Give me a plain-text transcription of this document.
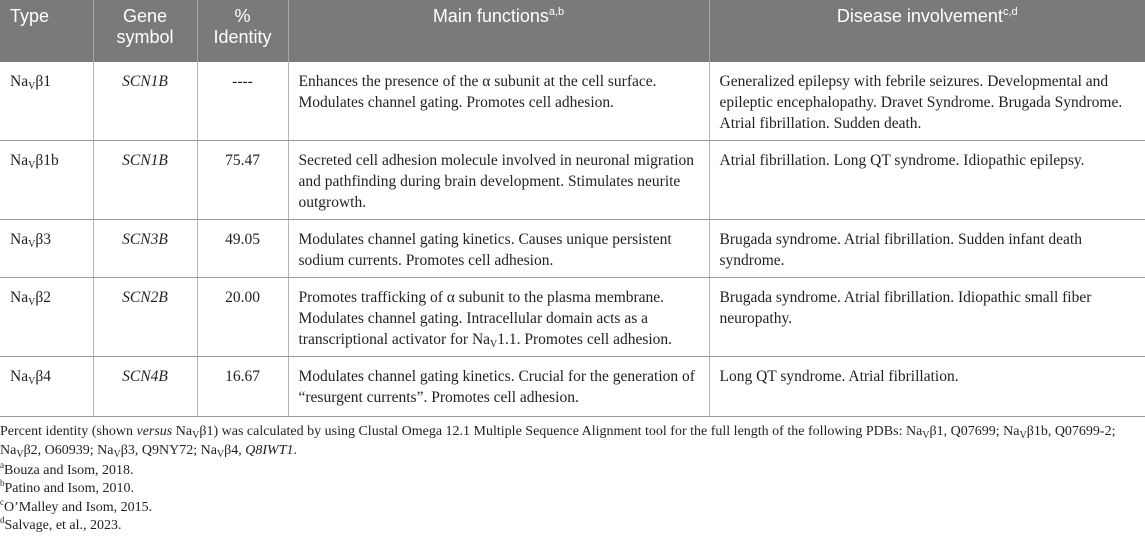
Type	Gene symbol	% Identity	Main functions$^{a,b}$	Disease involvement$^{c,d}$
$Na_V\beta 1$	SCN1B	----	Enhances the presence of the α subunit at the cell surface. Modulates channel gating. Promotes cell adhesion.	Generalized epilepsy with febrile seizures. Developmental and epileptic encephalopathy. Dravet Syndrome. Brugada Syndrome. Atrial fibrillation. Sudden death.
$Na_V\beta 1b$	SCN1B	75.47	Secreted cell adhesion molecule involved in neuronal migration and pathfinding during brain development. Stimulates neurite outgrowth.	Atrial fibrillation. Long QT syndrome. Idiopathic epilepsy.
$Na_V\beta 3$	SCN3B	49.05	Modulates channel gating kinetics. Causes unique persistent sodium currents. Promotes cell adhesion.	Brugada syndrome. Atrial fibrillation. Sudden infant death syndrome.
$Na_V\beta 2$	SCN2B	20.00	Promotes trafficking of α subunit to the plasma membrane. Modulates channel gating. Intracellular domain acts as a transcriptional activator for $Na_V1.1$. Promotes cell adhesion.	Brugada syndrome. Atrial fibrillation. Idiopathic small fiber neuropathy.
$Na_V\beta 4$	SCN4B	16.67	Modulates channel gating kinetics. Crucial for the generation of “resurgent currents”. Promotes cell adhesion.	Long QT syndrome. Atrial fibrillation.

Percent identity (shown versus $Na_V\beta 1$) was calculated by using Clustal Omega 12.1 Multiple Sequence Alignment tool for the full length of the following PDBs: $Na_V\beta 1$, Q07699; $Na_V\beta 1b$, Q07699-2; $Na_V\beta 2$, O60939; $Na_V\beta 3$, Q9NY72; $Na_V\beta 4$, Q8IWT1.

$^a$Bouza and Isom, 2018.

$^b$Patino and Isom, 2010.

$^c$O’Malley and Isom, 2015.

$^d$Salvage, et al., 2023.
